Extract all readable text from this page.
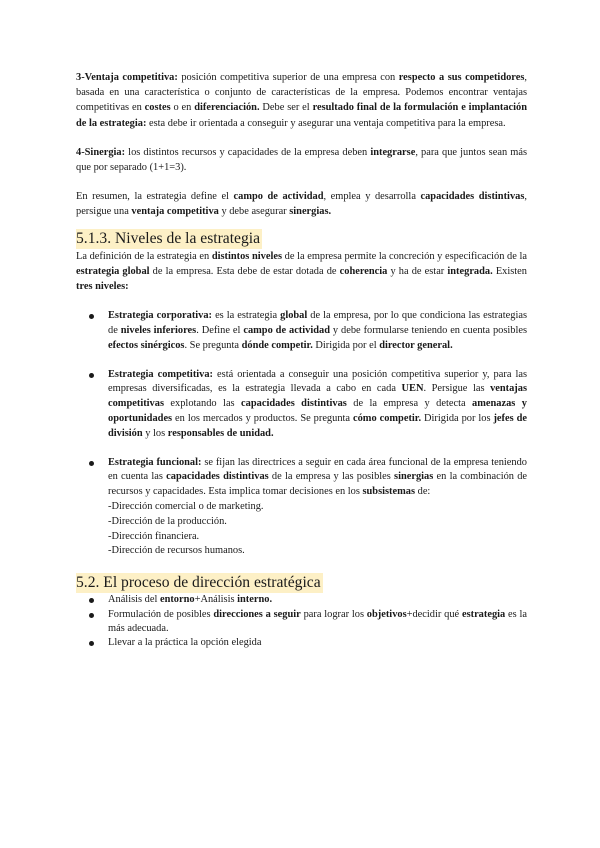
3-Ventaja competitiva: posición competitiva superior de una empresa con respecto a sus competidores, basada en una característica o conjunto de características de la empresa. Podemos encontrar ventajas competitivas en costes o en diferenciación. Debe ser el resultado final de la formulación e implantación de la estrategia: esta debe ir orientada a conseguir y asegurar una ventaja competitiva para la empresa.

4-Sinergia: los distintos recursos y capacidades de la empresa deben integrarse, para que juntos sean más que por separado (1+1=3).

En resumen, la estrategia define el campo de actividad, emplea y desarrolla capacidades distintivas, persigue una ventaja competitiva y debe asegurar sinergias.

5.1.3. Niveles de la estrategia

La definición de la estrategia en distintos niveles de la empresa permite la concreción y especificación de la estrategia global de la empresa. Esta debe de estar dotada de coherencia y ha de estar integrada. Existen tres niveles:

Estrategia corporativa: es la estrategia global de la empresa, por lo que condiciona las estrategias de niveles inferiores. Define el campo de actividad y debe formularse teniendo en cuenta posibles efectos sinérgicos. Se pregunta dónde competir. Dirigida por el director general.
Estrategia competitiva: está orientada a conseguir una posición competitiva superior y, para las empresas diversificadas, es la estrategia llevada a cabo en cada UEN. Persigue las ventajas competitivas explotando las capacidades distintivas de la empresa y detecta amenazas y oportunidades en los mercados y productos. Se pregunta cómo competir. Dirigida por los jefes de división y los responsables de unidad.
Estrategia funcional: se fijan las directrices a seguir en cada área funcional de la empresa teniendo en cuenta las capacidades distintivas de la empresa y las posibles sinergias en la combinación de recursos y capacidades. Esta implica tomar decisiones en los subsistemas de:
-Dirección comercial o de marketing.
-Dirección de la producción.
-Dirección financiera.
-Dirección de recursos humanos.
5.2. El proceso de dirección estratégica
Análisis del entorno+Análisis interno.
Formulación de posibles direcciones a seguir para lograr los objetivos+decidir qué estrategia es la más adecuada.
Llevar a la práctica la opción elegida
